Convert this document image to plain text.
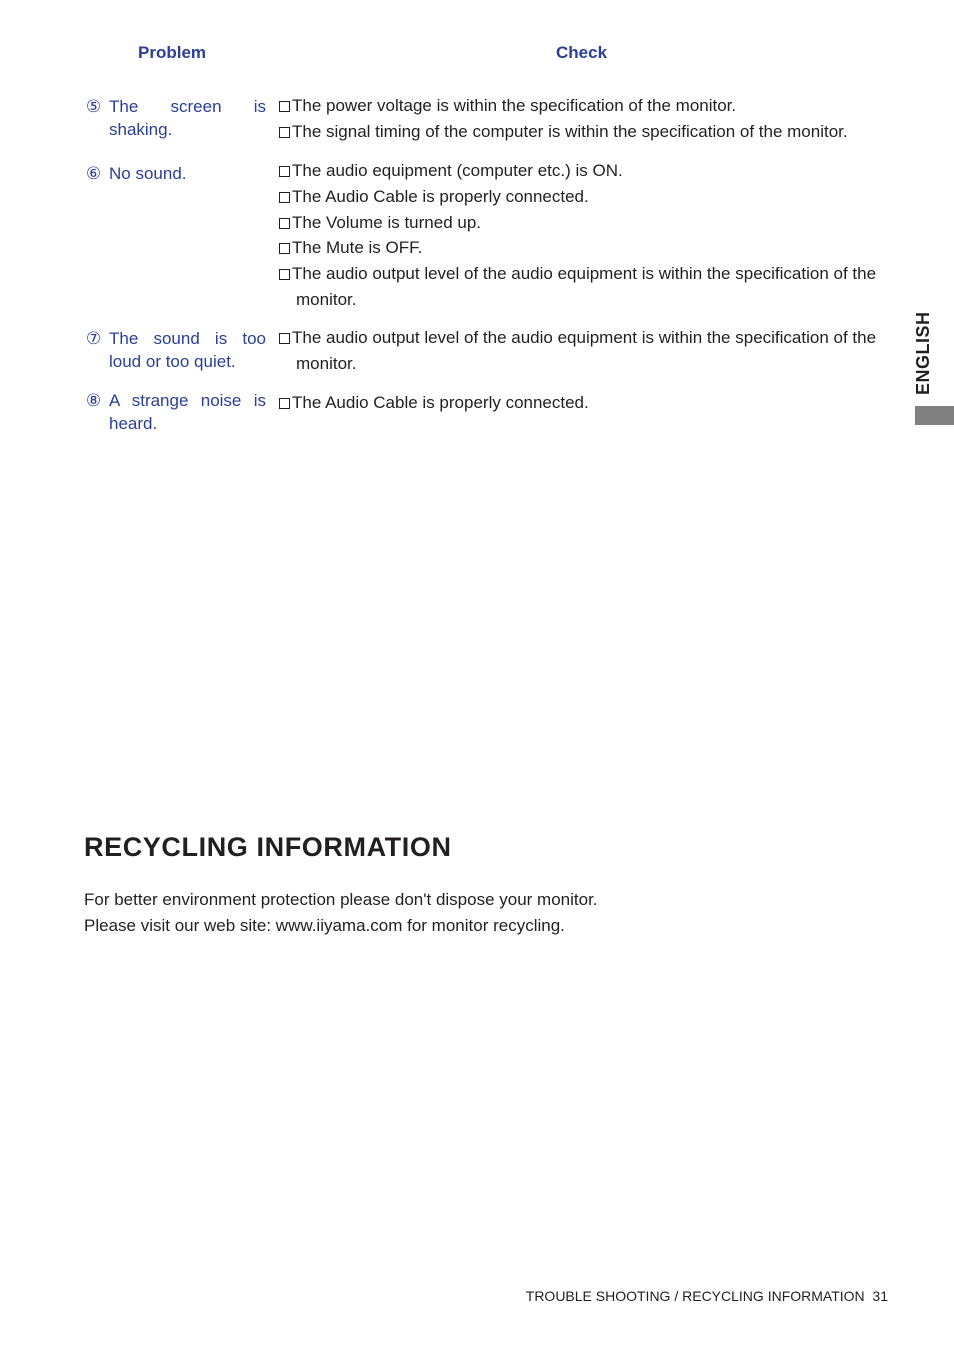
Problem	Check
⑤ The screen is shaking.
The power voltage is within the specification of the monitor.
The signal timing of the computer is within the specification of the monitor.
⑥ No sound.	The audio equipment (computer etc.) is ON.
The Audio Cable is properly connected.
The Volume is turned up.
The Mute is OFF.
The audio output level of the audio equipment is within the specification of the monitor.
⑦ The sound is too loud or too quiet.
The audio output level of the audio equipment is within the specification of the monitor.
⑧ A strange noise is heard.
The Audio Cable is properly connected.
ENGLISH
RECYCLING INFORMATION
For better environment protection please don't dispose your monitor.
Please visit our web site: www.iiyama.com for monitor recycling.
TROUBLE SHOOTING / RECYCLING INFORMATION  31
